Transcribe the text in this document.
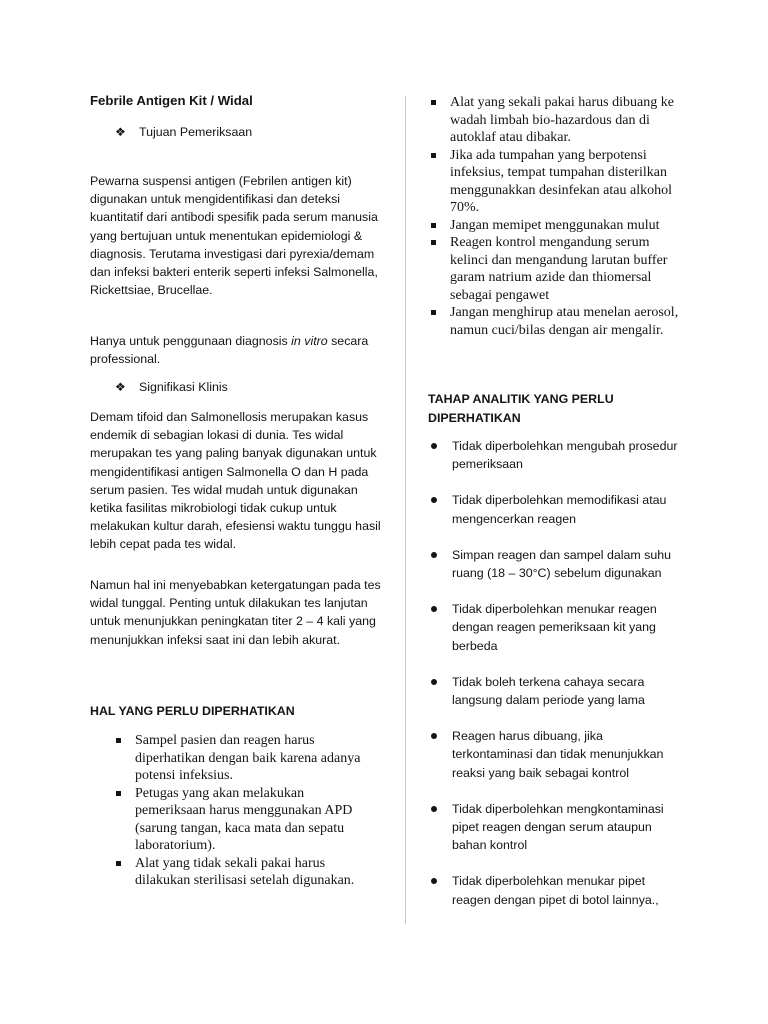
Febrile Antigen Kit / Widal
❖ Tujuan Pemeriksaan

Pewarna suspensi antigen (Febrilen antigen kit) digunakan untuk mengidentifikasi dan deteksi kuantitatif dari antibodi spesifik pada serum manusia yang bertujuan untuk menentukan epidemiologi & diagnosis. Terutama investigasi dari pyrexia/demam dan infeksi bakteri enterik seperti infeksi Salmonella, Rickettsiae, Brucellae.

Hanya untuk penggunaan diagnosis in vitro secara professional.

❖ Signifikasi Klinis

Demam tifoid dan Salmonellosis merupakan kasus endemik di sebagian lokasi di dunia. Tes widal merupakan tes yang paling banyak digunakan untuk mengidentifikasi antigen Salmonella O dan H pada serum pasien. Tes widal mudah untuk digunakan ketika fasilitas mikrobiologi tidak cukup untuk melakukan kultur darah, efesiensi waktu tunggu hasil lebih cepat pada tes widal.

Namun hal ini menyebabkan ketergatungan pada tes widal tunggal. Penting untuk dilakukan tes lanjutan untuk menunjukkan peningkatan titer 2 – 4 kali yang menunjukkan infeksi saat ini dan lebih akurat.

HAL YANG PERLU DIPERHATIKAN
Sampel pasien dan reagen harus diperhatikan dengan baik karena adanya potensi infeksius.
Petugas yang akan melakukan pemeriksaan harus menggunakan APD (sarung tangan, kaca mata dan sepatu laboratorium).
Alat yang tidak sekali pakai harus dilakukan sterilisasi setelah digunakan.
Alat yang sekali pakai harus dibuang ke wadah limbah bio-hazardous dan di autoklaf atau dibakar.
Jika ada tumpahan yang berpotensi infeksius, tempat tumpahan disterilkan menggunakkan desinfekan atau alkohol 70%.
Jangan memipet menggunakan mulut
Reagen kontrol mengandung serum kelinci dan mengandung larutan buffer garam natrium azide dan thiomersal sebagai pengawet
Jangan menghirup atau menelan aerosol, namun cuci/bilas dengan air mengalir.
TAHAP ANALITIK YANG PERLU DIPERHATIKAN
Tidak diperbolehkan mengubah prosedur pemeriksaan
Tidak diperbolehkan memodifikasi atau mengencerkan reagen
Simpan reagen dan sampel dalam suhu ruang (18 – 30°C) sebelum digunakan
Tidak diperbolehkan menukar reagen dengan reagen pemeriksaan kit yang berbeda
Tidak boleh terkena cahaya secara langsung dalam periode yang lama
Reagen harus dibuang, jika terkontaminasi dan tidak menunjukkan reaksi yang baik sebagai kontrol
Tidak diperbolehkan mengkontaminasi pipet reagen dengan serum ataupun bahan kontrol
Tidak diperbolehkan menukar pipet reagen dengan pipet di botol lainnya.,
